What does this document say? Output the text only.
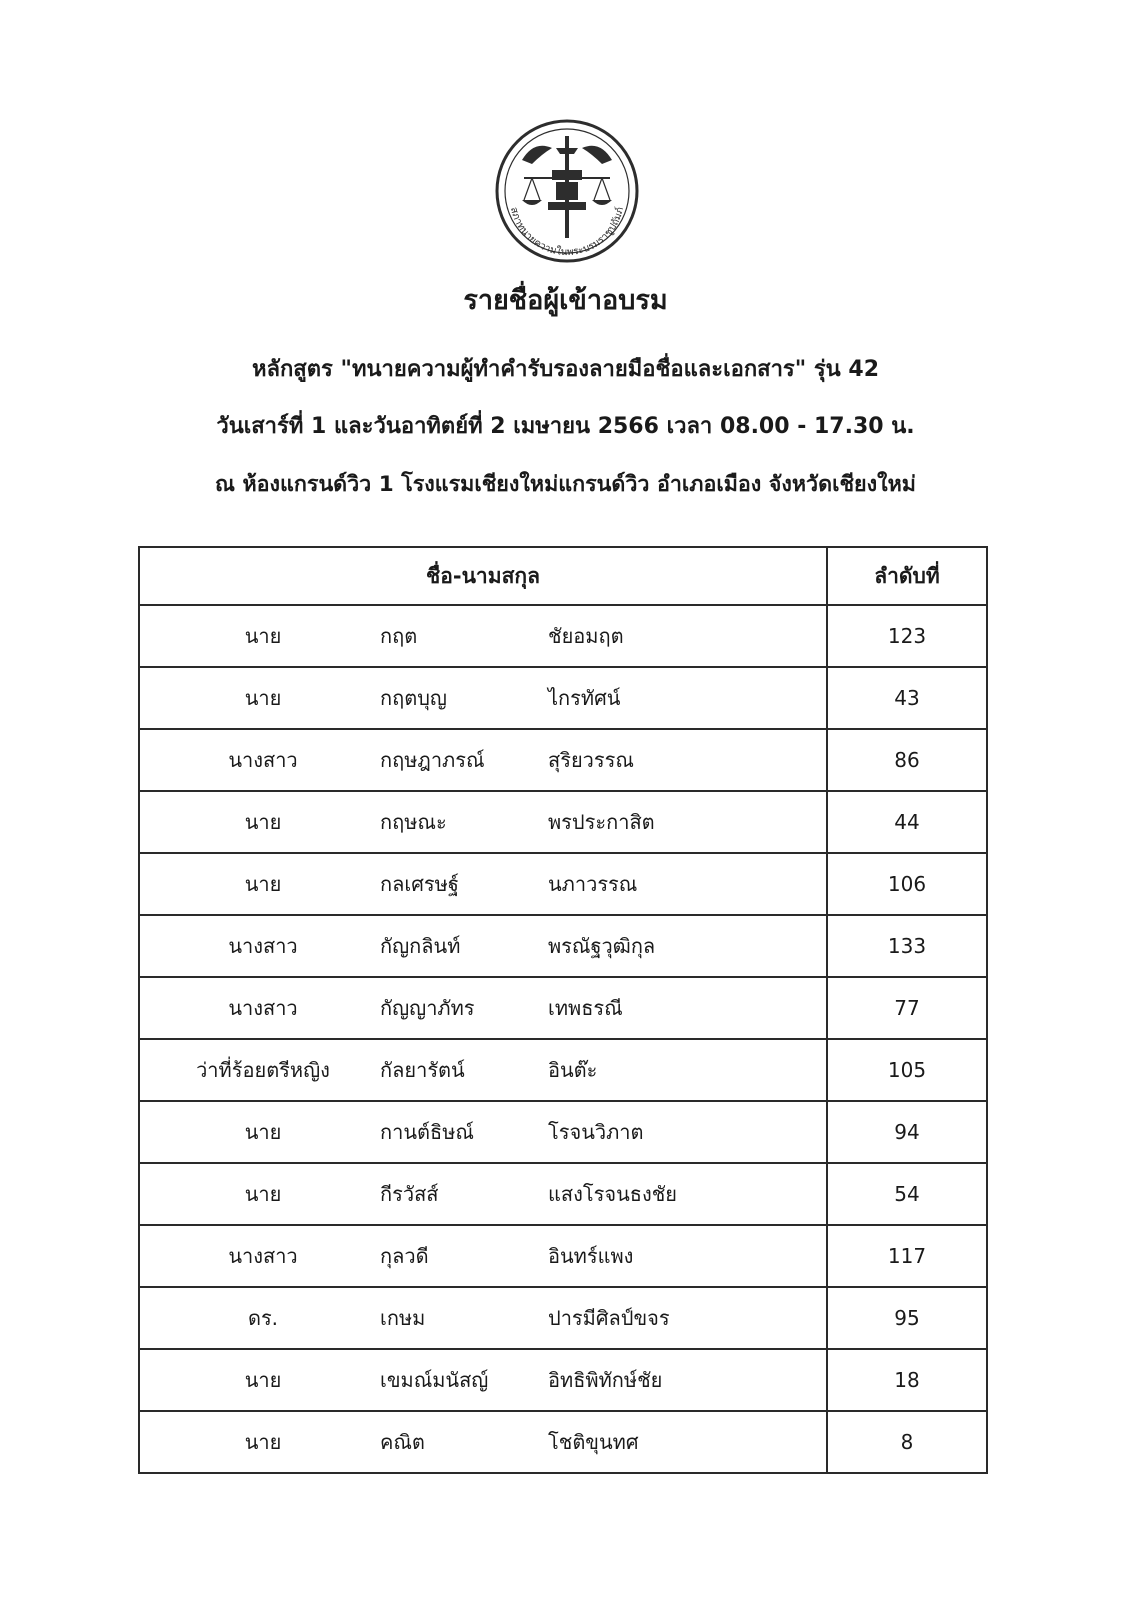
สภาทนายความในพระบรมราชูปถัมภ์
รายชื่อผู้เข้าอบรม
หลักสูตร "ทนายความผู้ทำคำรับรองลายมือชื่อและเอกสาร" รุ่น 42
วันเสาร์ที่ 1 และวันอาทิตย์ที่ 2 เมษายน 2566 เวลา 08.00 - 17.30 น.
ณ ห้องแกรนด์วิว 1 โรงแรมเชียงใหม่แกรนด์วิว อำเภอเมือง จังหวัดเชียงใหม่
ชื่อ-นามสกุล	ลำดับที่

นาย กฤต ชัยอมฤต	123

นาย กฤตบุญ ไกรทัศน์	43

นางสาว กฤษฎาภรณ์ สุริยวรรณ	86

นาย กฤษณะ พรประกาสิต	44

นาย กลเศรษฐ์ นภาวรรณ	106

นางสาว กัญกลินท์ พรณัฐวุฒิกุล	133

นางสาว กัญญาภัทร เทพธรณี	77

ว่าที่ร้อยตรีหญิง กัลยารัตน์ อินต๊ะ	105

นาย กานต์ธิษณ์ โรจนวิภาต	94

นาย กีรวัสส์ แสงโรจนธงชัย	54

นางสาว กุลวดี อินทร์แพง	117

ดร. เกษม ปารมีศิลป์ขจร	95

นาย เขมณ์มนัสญ์ อิทธิพิทักษ์ชัย	18

นาย คณิต โชติขุนทศ	8
